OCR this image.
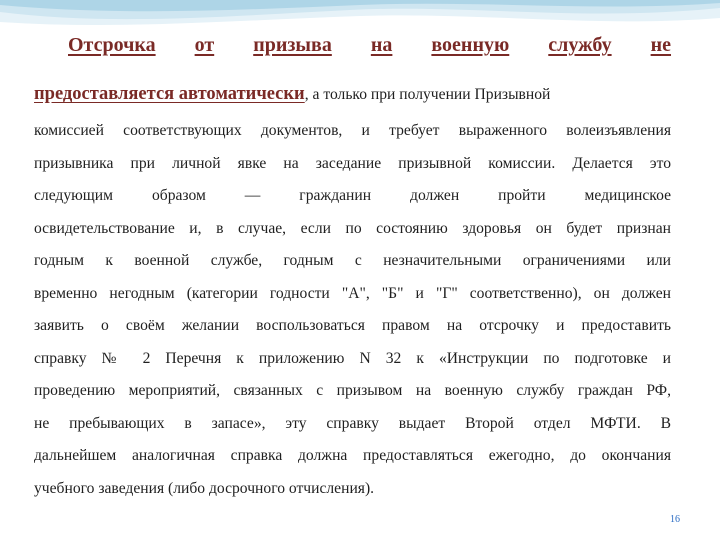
Отсрочка от призыва на военную службу не
предоставляется автоматически, а только при получении Призывной
комиссией соответствующих документов, и требует выраженного волеизъявления
призывника при личной явке на заседание призывной комиссии. Делается это
следующим образом — гражданин должен пройти медицинское
освидетельствование и, в случае, если по состоянию здоровья он будет признан
годным к военной службе, годным с незначительными ограничениями или
временно негодным (категории годности "А", "Б" и "Г" соответственно), он должен
заявить о своём желании воспользоваться правом на отсрочку и предоставить
справку № 2 Перечня к приложению N 32 к «Инструкции по подготовке и
проведению мероприятий, связанных с призывом на военную службу граждан РФ,
не пребывающих в запасе», эту справку выдает Второй отдел МФТИ. В
дальнейшем аналогичная справка должна предоставляться ежегодно, до окончания
учебного заведения (либо досрочного отчисления).
16
